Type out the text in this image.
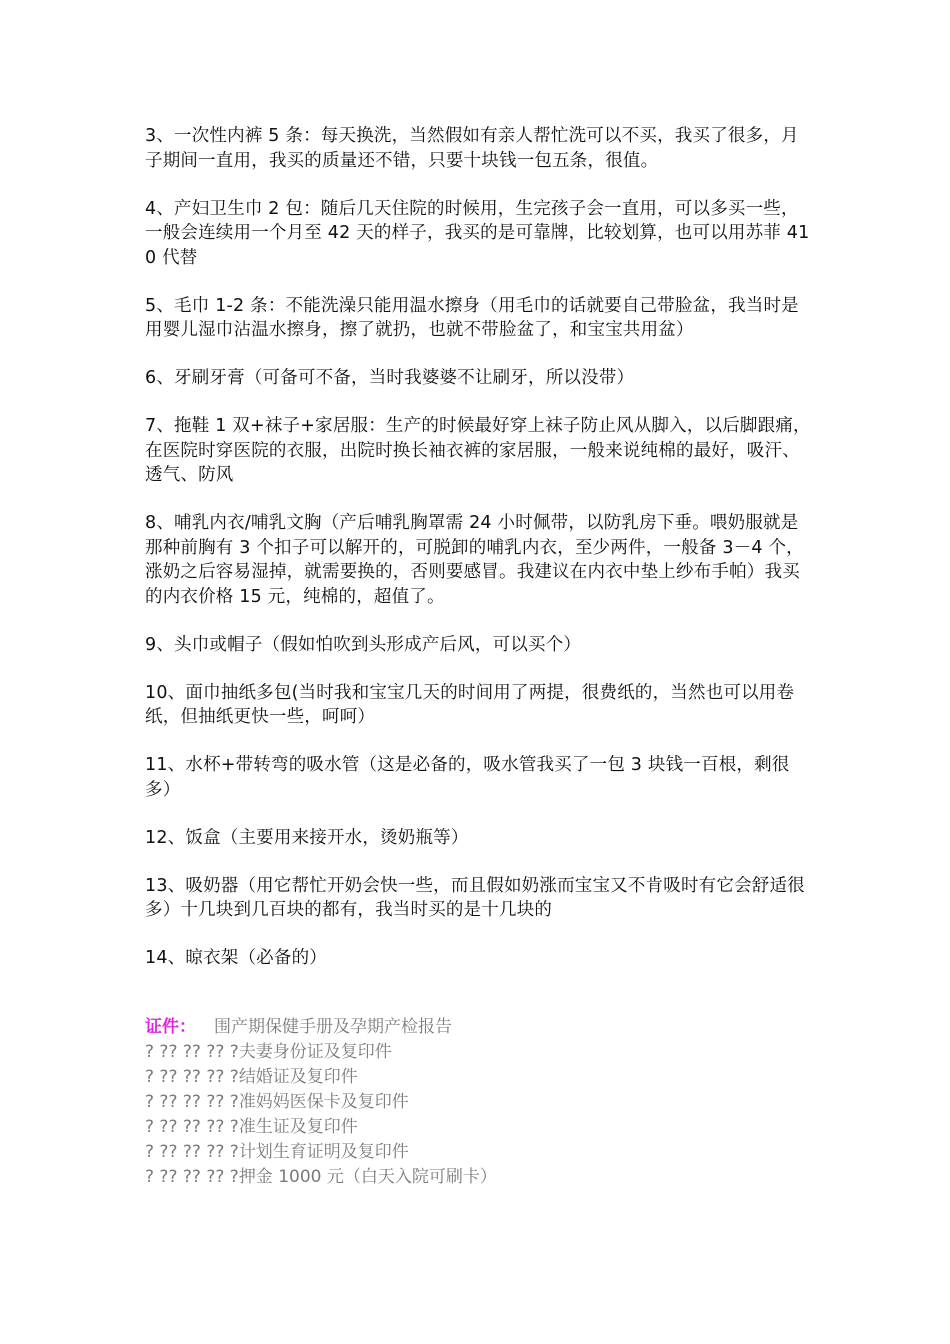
3、一次性内裤 5 条：每天换洗，当然假如有亲人帮忙洗可以不买，我买了很多，月子期间一直用，我买的质量还不错，只要十块钱一包五条，很值。

4、产妇卫生巾 2 包：随后几天住院的时候用，生完孩子会一直用，可以多买一些，一般会连续用一个月至 42 天的样子，我买的是可靠牌，比较划算，也可以用苏菲 410 代替

5、毛巾 1-2 条：不能洗澡只能用温水擦身（用毛巾的话就要自己带脸盆，我当时是用婴儿湿巾沾温水擦身，擦了就扔，也就不带脸盆了，和宝宝共用盆）

6、牙刷牙膏（可备可不备，当时我婆婆不让刷牙，所以没带）

7、拖鞋 1 双+袜子+家居服：生产的时候最好穿上袜子防止风从脚入，以后脚跟痛，在医院时穿医院的衣服，出院时换长袖衣裤的家居服，一般来说纯棉的最好，吸汗、透气、防风

8、哺乳内衣/哺乳文胸（产后哺乳胸罩需 24 小时佩带，以防乳房下垂。喂奶服就是那种前胸有 3 个扣子可以解开的，可脱卸的哺乳内衣，至少两件，一般备 3－4 个，涨奶之后容易湿掉，就需要换的，否则要感冒。我建议在内衣中垫上纱布手帕）我买的内衣价格 15 元，纯棉的，超值了。

9、头巾或帽子（假如怕吹到头形成产后风，可以买个）

10、面巾抽纸多包(当时我和宝宝几天的时间用了两提，很费纸的，当然也可以用卷纸，但抽纸更快一些，呵呵）

11、水杯+带转弯的吸水管（这是必备的，吸水管我买了一包 3 块钱一百根，剩很多）

12、饭盒（主要用来接开水，烫奶瓶等）

13、吸奶器（用它帮忙开奶会快一些，而且假如奶涨而宝宝又不肯吸时有它会舒适很多）十几块到几百块的都有，我当时买的是十几块的

14、晾衣架（必备的）

证件： 围产期保健手册及孕期产检报告
? ?? ?? ?? ?夫妻身份证及复印件
? ?? ?? ?? ?结婚证及复印件
? ?? ?? ?? ?准妈妈医保卡及复印件
? ?? ?? ?? ?准生证及复印件
? ?? ?? ?? ?计划生育证明及复印件
? ?? ?? ?? ?押金 1000 元（白天入院可刷卡）
